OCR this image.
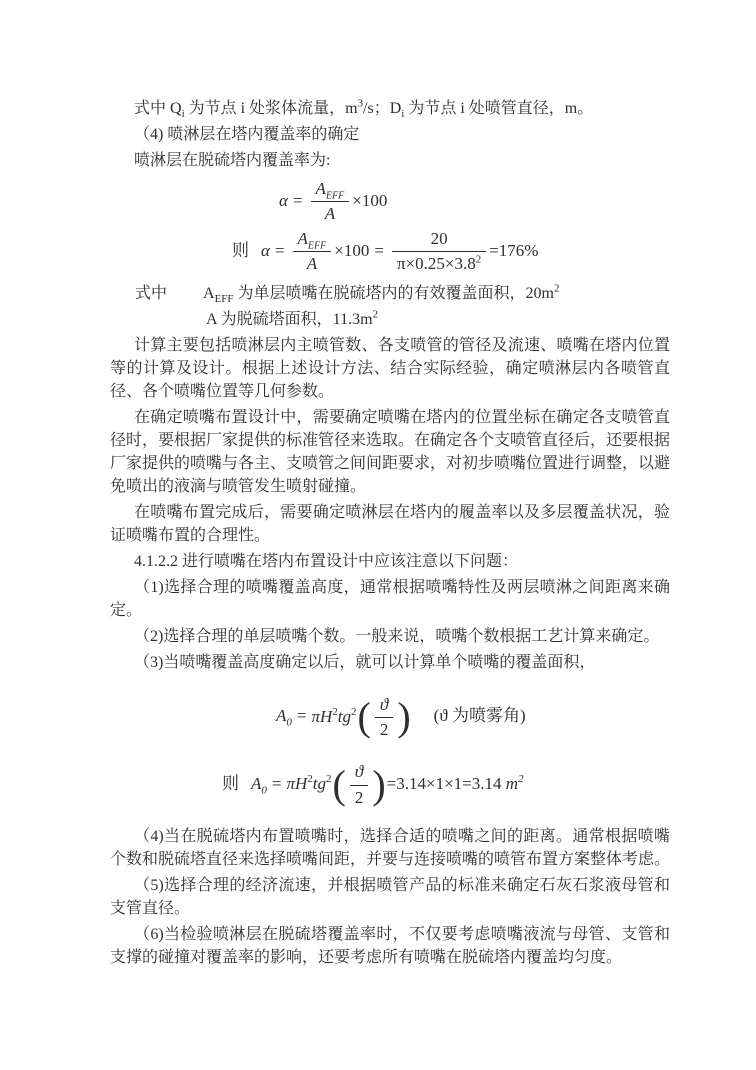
式中 $Q_i$ 为节点 i 处浆体流量，$m^3/s$；$D_i$ 为节点 i 处喷管直径，m。

（4) 喷淋层在塔内覆盖率的确定

喷淋层在脱硫塔内覆盖率为:

$\alpha = \frac{A_{EFF}}{A} \times 100$
则 $\alpha = \frac{A_{EFF}}{A} \times 100 = \frac{20}{\pi\times 0.25\times 3.8^2} =176\%$

式中 $A_{EFF}$ 为单层喷嘴在脱硫塔内的有效覆盖面积，$20m^2$

A 为脱硫塔面积，$11.3m^2$

计算主要包括喷淋层内主喷管数、各支喷管的管径及流速、喷嘴在塔内位置等的计算及设计。根据上述设计方法、结合实际经验，确定喷淋层内各喷管直径、各个喷嘴位置等几何参数。

在确定喷嘴布置设计中，需要确定喷嘴在塔内的位置坐标在确定各支喷管直径时，要根据厂家提供的标准管径来选取。在确定各个支喷管直径后，还要根据厂家提供的喷嘴与各主、支喷管之间间距要求，对初步喷嘴位置进行调整，以避免喷出的液滴与喷管发生喷射碰撞。

在喷嘴布置完成后，需要确定喷淋层在塔内的履盖率以及多层覆盖状况，验证喷嘴布置的合理性。

4.1.2.2 进行喷嘴在塔内布置设计中应该注意以下问题：

（1)选择合理的喷嘴覆盖高度，通常根据喷嘴特性及两层喷淋之间距离来确定。

（2)选择合理的单层喷嘴个数。一般来说，喷嘴个数根据工艺计算来确定。

（3)当喷嘴覆盖高度确定以后，就可以计算单个喷嘴的覆盖面积，

$A_0 = \pi H^2tg^2( \frac{ϑ}{2}$ ) (ϑ 为喷雾角)
则 $A_0 = \pi H^2tg^2( \frac{ϑ}{2} )=3.14\times 1\times 1=3.14$ $m^2$

（4)当在脱硫塔内布置喷嘴时，选择合适的喷嘴之间的距离。通常根据喷嘴个数和脱硫塔直径来选择喷嘴间距，并要与连接喷嘴的喷管布置方案整体考虑。

（5)选择合理的经济流速，并根据喷管产品的标准来确定石灰石浆液母管和支管直径。

（6)当检验喷淋层在脱硫塔覆盖率时，不仅要考虑喷嘴液流与母管、支管和支撑的碰撞对覆盖率的影响，还要考虑所有喷嘴在脱硫塔内覆盖均匀度。
